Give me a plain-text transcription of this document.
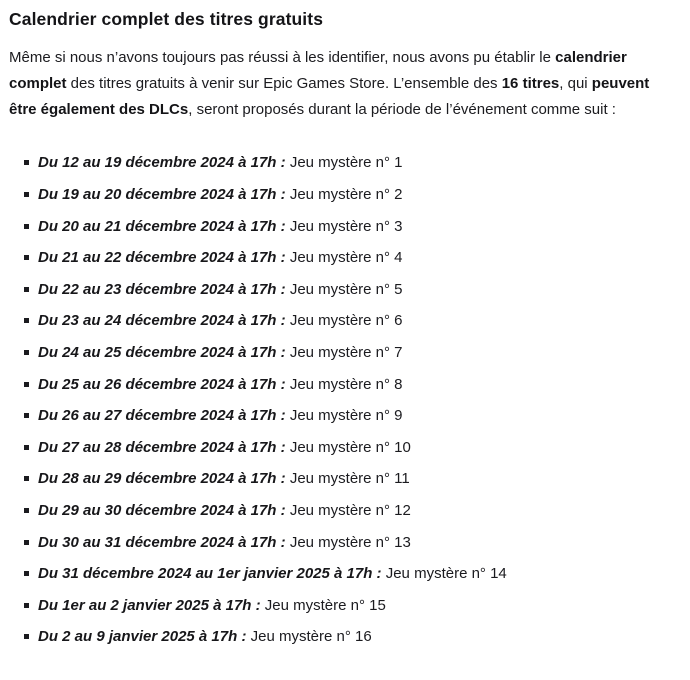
Calendrier complet des titres gratuits

Même si nous n’avons toujours pas réussi à les identifier, nous avons pu établir le calendrier complet des titres gratuits à venir sur Epic Games Store. L’ensemble des 16 titres, qui peuvent être également des DLCs, seront proposés durant la période de l’événement comme suit :

Du 12 au 19 décembre 2024 à 17h : Jeu mystère n° 1
Du 19 au 20 décembre 2024 à 17h : Jeu mystère n° 2
Du 20 au 21 décembre 2024 à 17h : Jeu mystère n° 3
Du 21 au 22 décembre 2024 à 17h : Jeu mystère n° 4
Du 22 au 23 décembre 2024 à 17h : Jeu mystère n° 5
Du 23 au 24 décembre 2024 à 17h : Jeu mystère n° 6
Du 24 au 25 décembre 2024 à 17h : Jeu mystère n° 7
Du 25 au 26 décembre 2024 à 17h : Jeu mystère n° 8
Du 26 au 27 décembre 2024 à 17h : Jeu mystère n° 9
Du 27 au 28 décembre 2024 à 17h : Jeu mystère n° 10
Du 28 au 29 décembre 2024 à 17h : Jeu mystère n° 11
Du 29 au 30 décembre 2024 à 17h : Jeu mystère n° 12
Du 30 au 31 décembre 2024 à 17h : Jeu mystère n° 13
Du 31 décembre 2024 au 1er janvier 2025 à 17h : Jeu mystère n° 14
Du 1er au 2 janvier 2025 à 17h : Jeu mystère n° 15
Du 2 au 9 janvier 2025 à 17h : Jeu mystère n° 16
